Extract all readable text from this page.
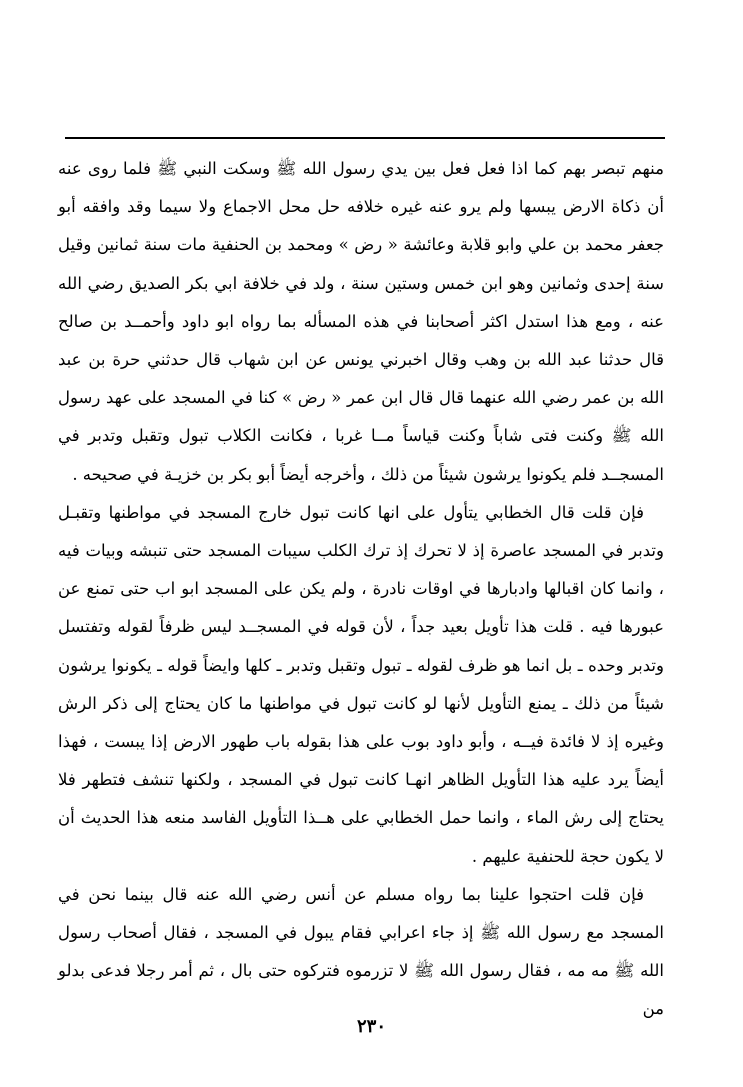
منهم تبصر بهم كما اذا فعل فعل بين يدي رسول الله ﷺ وسكت النبي ﷺ فلما روى عنه أن ذكاة الارض يبسها ولم يرو عنه غيره خلافه حل محل الاجماع ولا سيما وقد وافقه أبو جعفر محمد بن علي وابو قلابة وعائشة « رض » ومحمد بن الحنفية مات سنة ثمانين وقيل سنة إحدى وثمانين وهو ابن خمس وستين سنة ، ولد في خلافة ابي بكر الصديق رضي الله عنه ، ومع هذا استدل اكثر أصحابنا في هذه المسأله بما رواه ابو داود وأحمــد بن صالح قال حدثنا عبد الله بن وهب وقال اخبرني يونس عن ابن شهاب قال حدثني حرة بن عبد الله بن عمر رضي الله عنهما قال قال ابن عمر « رض » كنا في المسجد على عهد رسول الله ﷺ وكنت فتى شاباً وكنت قياساً مــا غربا ، فكانت الكلاب تبول وتقبل وتدبر في المسجــد فلم يكونوا يرشون شيئاً من ذلك ، وأخرجه أيضاً أبو بكر بن خزيـة في صحيحه .

فإن قلت قال الخطابي يتأول على انها كانت تبول خارج المسجد في مواطنها وتقبـل وتدبر في المسجد عاصرة إذ لا تحرك إذ ترك الكلب سيبات المسجد حتى تنبشه وبيات فيه ، وانما كان اقبالها وادبارها في اوقات نادرة ، ولم يكن على المسجد ابو اب حتى تمنع عن عبورها فيه . قلت هذا تأويل بعيد جداً ، لأن قوله في المسجــد ليس ظرفاً لقوله وتفتسل وتدبر وحده ـ بل انما هو ظرف لقوله ـ تبول وتقبل وتدبر ـ كلها وايضاً قوله ـ يكونوا يرشون شيئاً من ذلك ـ يمنع التأويل لأنها لو كانت تبول في مواطنها ما كان يحتاج إلى ذكر الرش وغيره إذ لا فائدة فيــه ، وأبو داود بوب على هذا بقوله باب طهور الارض إذا يبست ، فهذا أيضاً يرد عليه هذا التأويل الظاهر انهـا كانت تبول في المسجد ، ولكنها تنشف فتطهر فلا يحتاج إلى رش الماء ، وانما حمل الخطابي على هــذا التأويل الفاسد منعه هذا الحديث أن لا يكون حجة للحنفية عليهم .

فإن قلت احتجوا علينا بما رواه مسلم عن أنس رضي الله عنه قال بينما نحن في المسجد مع رسول الله ﷺ إذ جاء اعرابي فقام يبول في المسجد ، فقال أصحاب رسول الله ﷺ مه مه ، فقال رسول الله ﷺ لا تزرموه فتركوه حتى بال ، ثم أمر رجلا فدعى بدلو من

٢٣٠
